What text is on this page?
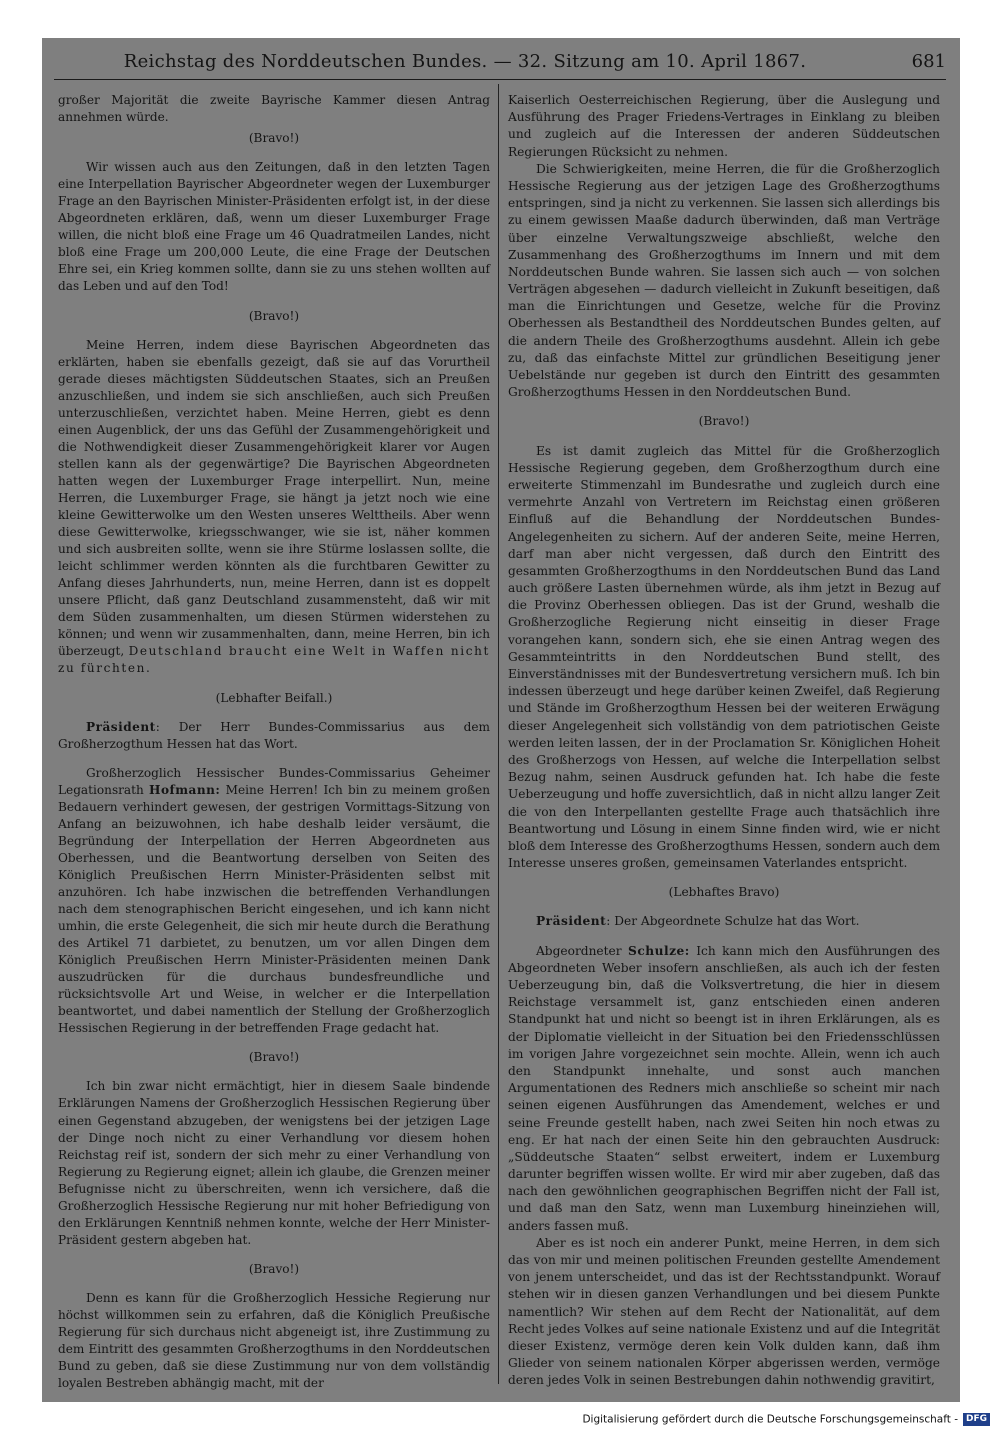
Reichstag des Norddeutschen Bundes. — 32. Sitzung am 10. April 1867.	681

großer Majorität die zweite Bayrische Kammer diesen Antrag annehmen würde.

(Bravo!)

Wir wissen auch aus den Zeitungen, daß in den letzten Tagen eine Interpellation Bayrischer Abgeordneter wegen der Luxemburger Frage an den Bayrischen Minister-Präsidenten erfolgt ist, in der diese Abgeordneten erklären, daß, wenn um dieser Luxemburger Frage willen, die nicht bloß eine Frage um 46 Quadratmeilen Landes, nicht bloß eine Frage um 200,000 Leute, die eine Frage der Deutschen Ehre sei, ein Krieg kommen sollte, dann sie zu uns stehen wollten auf das Leben und auf den Tod!

(Bravo!)

Meine Herren, indem diese Bayrischen Abgeordneten das erklärten, haben sie ebenfalls gezeigt, daß sie auf das Vorurtheil gerade dieses mächtigsten Süddeutschen Staates, sich an Preußen anzuschließen, und indem sie sich anschließen, auch sich Preußen unterzuschließen, verzichtet haben. Meine Herren, giebt es denn einen Augenblick, der uns das Gefühl der Zusammengehörigkeit und die Nothwendigkeit dieser Zusammengehörigkeit klarer vor Augen stellen kann als der gegenwärtige? Die Bayrischen Abgeordneten hatten wegen der Luxemburger Frage interpellirt. Nun, meine Herren, die Luxemburger Frage, sie hängt ja jetzt noch wie eine kleine Gewitterwolke um den Westen unseres Welttheils. Aber wenn diese Gewitterwolke, kriegsschwanger, wie sie ist, näher kommen und sich ausbreiten sollte, wenn sie ihre Stürme loslassen sollte, die leicht schlimmer werden könnten als die furchtbaren Gewitter zu Anfang dieses Jahrhunderts, nun, meine Herren, dann ist es doppelt unsere Pflicht, daß ganz Deutschland zusammensteht, daß wir mit dem Süden zusammenhalten, um diesen Stürmen widerstehen zu können; und wenn wir zusammenhalten, dann, meine Herren, bin ich überzeugt, Deutschland braucht eine Welt in Waffen nicht zu fürchten.

(Lebhafter Beifall.)

Präsident: Der Herr Bundes-Commissarius aus dem Großherzogthum Hessen hat das Wort.

Großherzoglich Hessischer Bundes-Commissarius Geheimer Legationsrath Hofmann: Meine Herren! Ich bin zu meinem großen Bedauern verhindert gewesen, der gestrigen Vormittags-Sitzung von Anfang an beizuwohnen, ich habe deshalb leider versäumt, die Begründung der Interpellation der Herren Abgeordneten aus Oberhessen, und die Beantwortung derselben von Seiten des Königlich Preußischen Herrn Minister-Präsidenten selbst mit anzuhören. Ich habe inzwischen die betreffenden Verhandlungen nach dem stenographischen Bericht eingesehen, und ich kann nicht umhin, die erste Gelegenheit, die sich mir heute durch die Berathung des Artikel 71 darbietet, zu benutzen, um vor allen Dingen dem Königlich Preußischen Herrn Minister-Präsidenten meinen Dank auszudrücken für die durchaus bundesfreundliche und rücksichtsvolle Art und Weise, in welcher er die Interpellation beantwortet, und dabei namentlich der Stellung der Großherzoglich Hessischen Regierung in der betreffenden Frage gedacht hat.

(Bravo!)

Ich bin zwar nicht ermächtigt, hier in diesem Saale bindende Erklärungen Namens der Großherzoglich Hessischen Regierung über einen Gegenstand abzugeben, der wenigstens bei der jetzigen Lage der Dinge noch nicht zu einer Verhandlung vor diesem hohen Reichstag reif ist, sondern der sich mehr zu einer Verhandlung von Regierung zu Regierung eignet; allein ich glaube, die Grenzen meiner Befugnisse nicht zu überschreiten, wenn ich versichere, daß die Großherzoglich Hessische Regierung nur mit hoher Befriedigung von den Erklärungen Kenntniß nehmen konnte, welche der Herr Minister-Präsident gestern abgeben hat.

(Bravo!)

Denn es kann für die Großherzoglich Hessiche Regierung nur höchst willkommen sein zu erfahren, daß die Königlich Preußische Regierung für sich durchaus nicht abgeneigt ist, ihre Zustimmung zu dem Eintritt des gesammten Großherzogthums in den Norddeutschen Bund zu geben, daß sie diese Zustimmung nur von dem vollständig loyalen Bestreben abhängig macht, mit der

Kaiserlich Oesterreichischen Regierung, über die Auslegung und Ausführung des Prager Friedens-Vertrages in Einklang zu bleiben und zugleich auf die Interessen der anderen Süddeutschen Regierungen Rücksicht zu nehmen.

Die Schwierigkeiten, meine Herren, die für die Großherzoglich Hessische Regierung aus der jetzigen Lage des Großherzogthums entspringen, sind ja nicht zu verkennen. Sie lassen sich allerdings bis zu einem gewissen Maaße dadurch überwinden, daß man Verträge über einzelne Verwaltungszweige abschließt, welche den Zusammenhang des Großherzogthums im Innern und mit dem Norddeutschen Bunde wahren. Sie lassen sich auch — von solchen Verträgen abgesehen — dadurch vielleicht in Zukunft beseitigen, daß man die Einrichtungen und Gesetze, welche für die Provinz Oberhessen als Bestandtheil des Norddeutschen Bundes gelten, auf die andern Theile des Großherzogthums ausdehnt. Allein ich gebe zu, daß das einfachste Mittel zur gründlichen Beseitigung jener Uebelstände nur gegeben ist durch den Eintritt des gesammten Großherzogthums Hessen in den Norddeutschen Bund.

(Bravo!)

Es ist damit zugleich das Mittel für die Großherzoglich Hessische Regierung gegeben, dem Großherzogthum durch eine erweiterte Stimmenzahl im Bundesrathe und zugleich durch eine vermehrte Anzahl von Vertretern im Reichstag einen größeren Einfluß auf die Behandlung der Norddeutschen Bundes-Angelegenheiten zu sichern. Auf der anderen Seite, meine Herren, darf man aber nicht vergessen, daß durch den Eintritt des gesammten Großherzogthums in den Norddeutschen Bund das Land auch größere Lasten übernehmen würde, als ihm jetzt in Bezug auf die Provinz Oberhessen obliegen. Das ist der Grund, weshalb die Großherzogliche Regierung nicht einseitig in dieser Frage vorangehen kann, sondern sich, ehe sie einen Antrag wegen des Gesammteintritts in den Norddeutschen Bund stellt, des Einverständnisses mit der Bundesvertretung versichern muß. Ich bin indessen überzeugt und hege darüber keinen Zweifel, daß Regierung und Stände im Großherzogthum Hessen bei der weiteren Erwägung dieser Angelegenheit sich vollständig von dem patriotischen Geiste werden leiten lassen, der in der Proclamation Sr. Königlichen Hoheit des Großherzogs von Hessen, auf welche die Interpellation selbst Bezug nahm, seinen Ausdruck gefunden hat. Ich habe die feste Ueberzeugung und hoffe zuversichtlich, daß in nicht allzu langer Zeit die von den Interpellanten gestellte Frage auch thatsächlich ihre Beantwortung und Lösung in einem Sinne finden wird, wie er nicht bloß dem Interesse des Großherzogthums Hessen, sondern auch dem Interesse unseres großen, gemeinsamen Vaterlandes entspricht.

(Lebhaftes Bravo)

Präsident: Der Abgeordnete Schulze hat das Wort.

Abgeordneter Schulze: Ich kann mich den Ausführungen des Abgeordneten Weber insofern anschließen, als auch ich der festen Ueberzeugung bin, daß die Volksvertretung, die hier in diesem Reichstage versammelt ist, ganz entschieden einen anderen Standpunkt hat und nicht so beengt ist in ihren Erklärungen, als es der Diplomatie vielleicht in der Situation bei den Friedensschlüssen im vorigen Jahre vorgezeichnet sein mochte. Allein, wenn ich auch den Standpunkt innehalte, und sonst auch manchen Argumentationen des Redners mich anschließe so scheint mir nach seinen eigenen Ausführungen das Amendement, welches er und seine Freunde gestellt haben, nach zwei Seiten hin noch etwas zu eng. Er hat nach der einen Seite hin den gebrauchten Ausdruck: „Süddeutsche Staaten“ selbst erweitert, indem er Luxemburg darunter begriffen wissen wollte. Er wird mir aber zugeben, daß das nach den gewöhnlichen geographischen Begriffen nicht der Fall ist, und daß man den Satz, wenn man Luxemburg hineinziehen will, anders fassen muß.

Aber es ist noch ein anderer Punkt, meine Herren, in dem sich das von mir und meinen politischen Freunden gestellte Amendement von jenem unterscheidet, und das ist der Rechtsstandpunkt. Worauf stehen wir in diesen ganzen Verhandlungen und bei diesem Punkte namentlich? Wir stehen auf dem Recht der Nationalität, auf dem Recht jedes Volkes auf seine nationale Existenz und auf die Integrität dieser Existenz, vermöge deren kein Volk dulden kann, daß ihm Glieder von seinem nationalen Körper abgerissen werden, vermöge deren jedes Volk in seinen Bestrebungen dahin nothwendig gravitirt,

Digitalisierung gefördert durch die Deutsche Forschungsgemeinschaft - DFG
